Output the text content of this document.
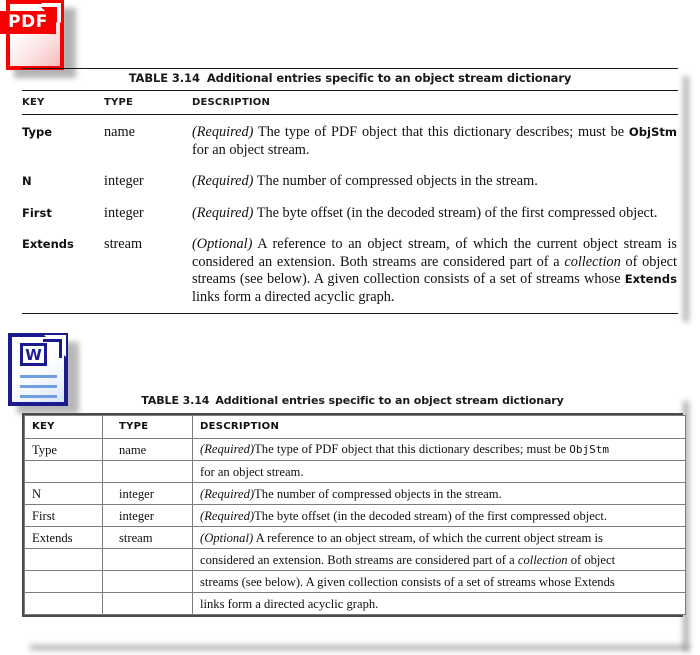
PDF
TABLE 3.14 Additional entries specific to an object stream dictionary
KEY	TYPE	DESCRIPTION
Type	name	(Required) The type of PDF object that this dictionary describes; must be ObjStm for an object stream.
N	integer	(Required) The number of compressed objects in the stream.
First	integer	(Required) The byte offset (in the decoded stream) of the first compressed object.
Extends	stream	(Optional) A reference to an object stream, of which the current object stream is considered an extension. Both streams are considered part of a collection of object streams (see below). A given collection consists of a set of streams whose Extends links form a directed acyclic graph.
W
TABLE 3.14 Additional entries specific to an object stream dictionary
KEY	TYPE	DESCRIPTION
Type	name	(Required)The type of PDF object that this dictionary describes; must be ObjStm
		for an object stream.
N	integer	(Required)The number of compressed objects in the stream.
First	integer	(Required)The byte offset (in the decoded stream) of the first compressed object.
Extends	stream	(Optional) A reference to an object stream, of which the current object stream is
		considered an extension. Both streams are considered part of a collection of object
		streams (see below). A given collection consists of a set of streams whose Extends
		links form a directed acyclic graph.
